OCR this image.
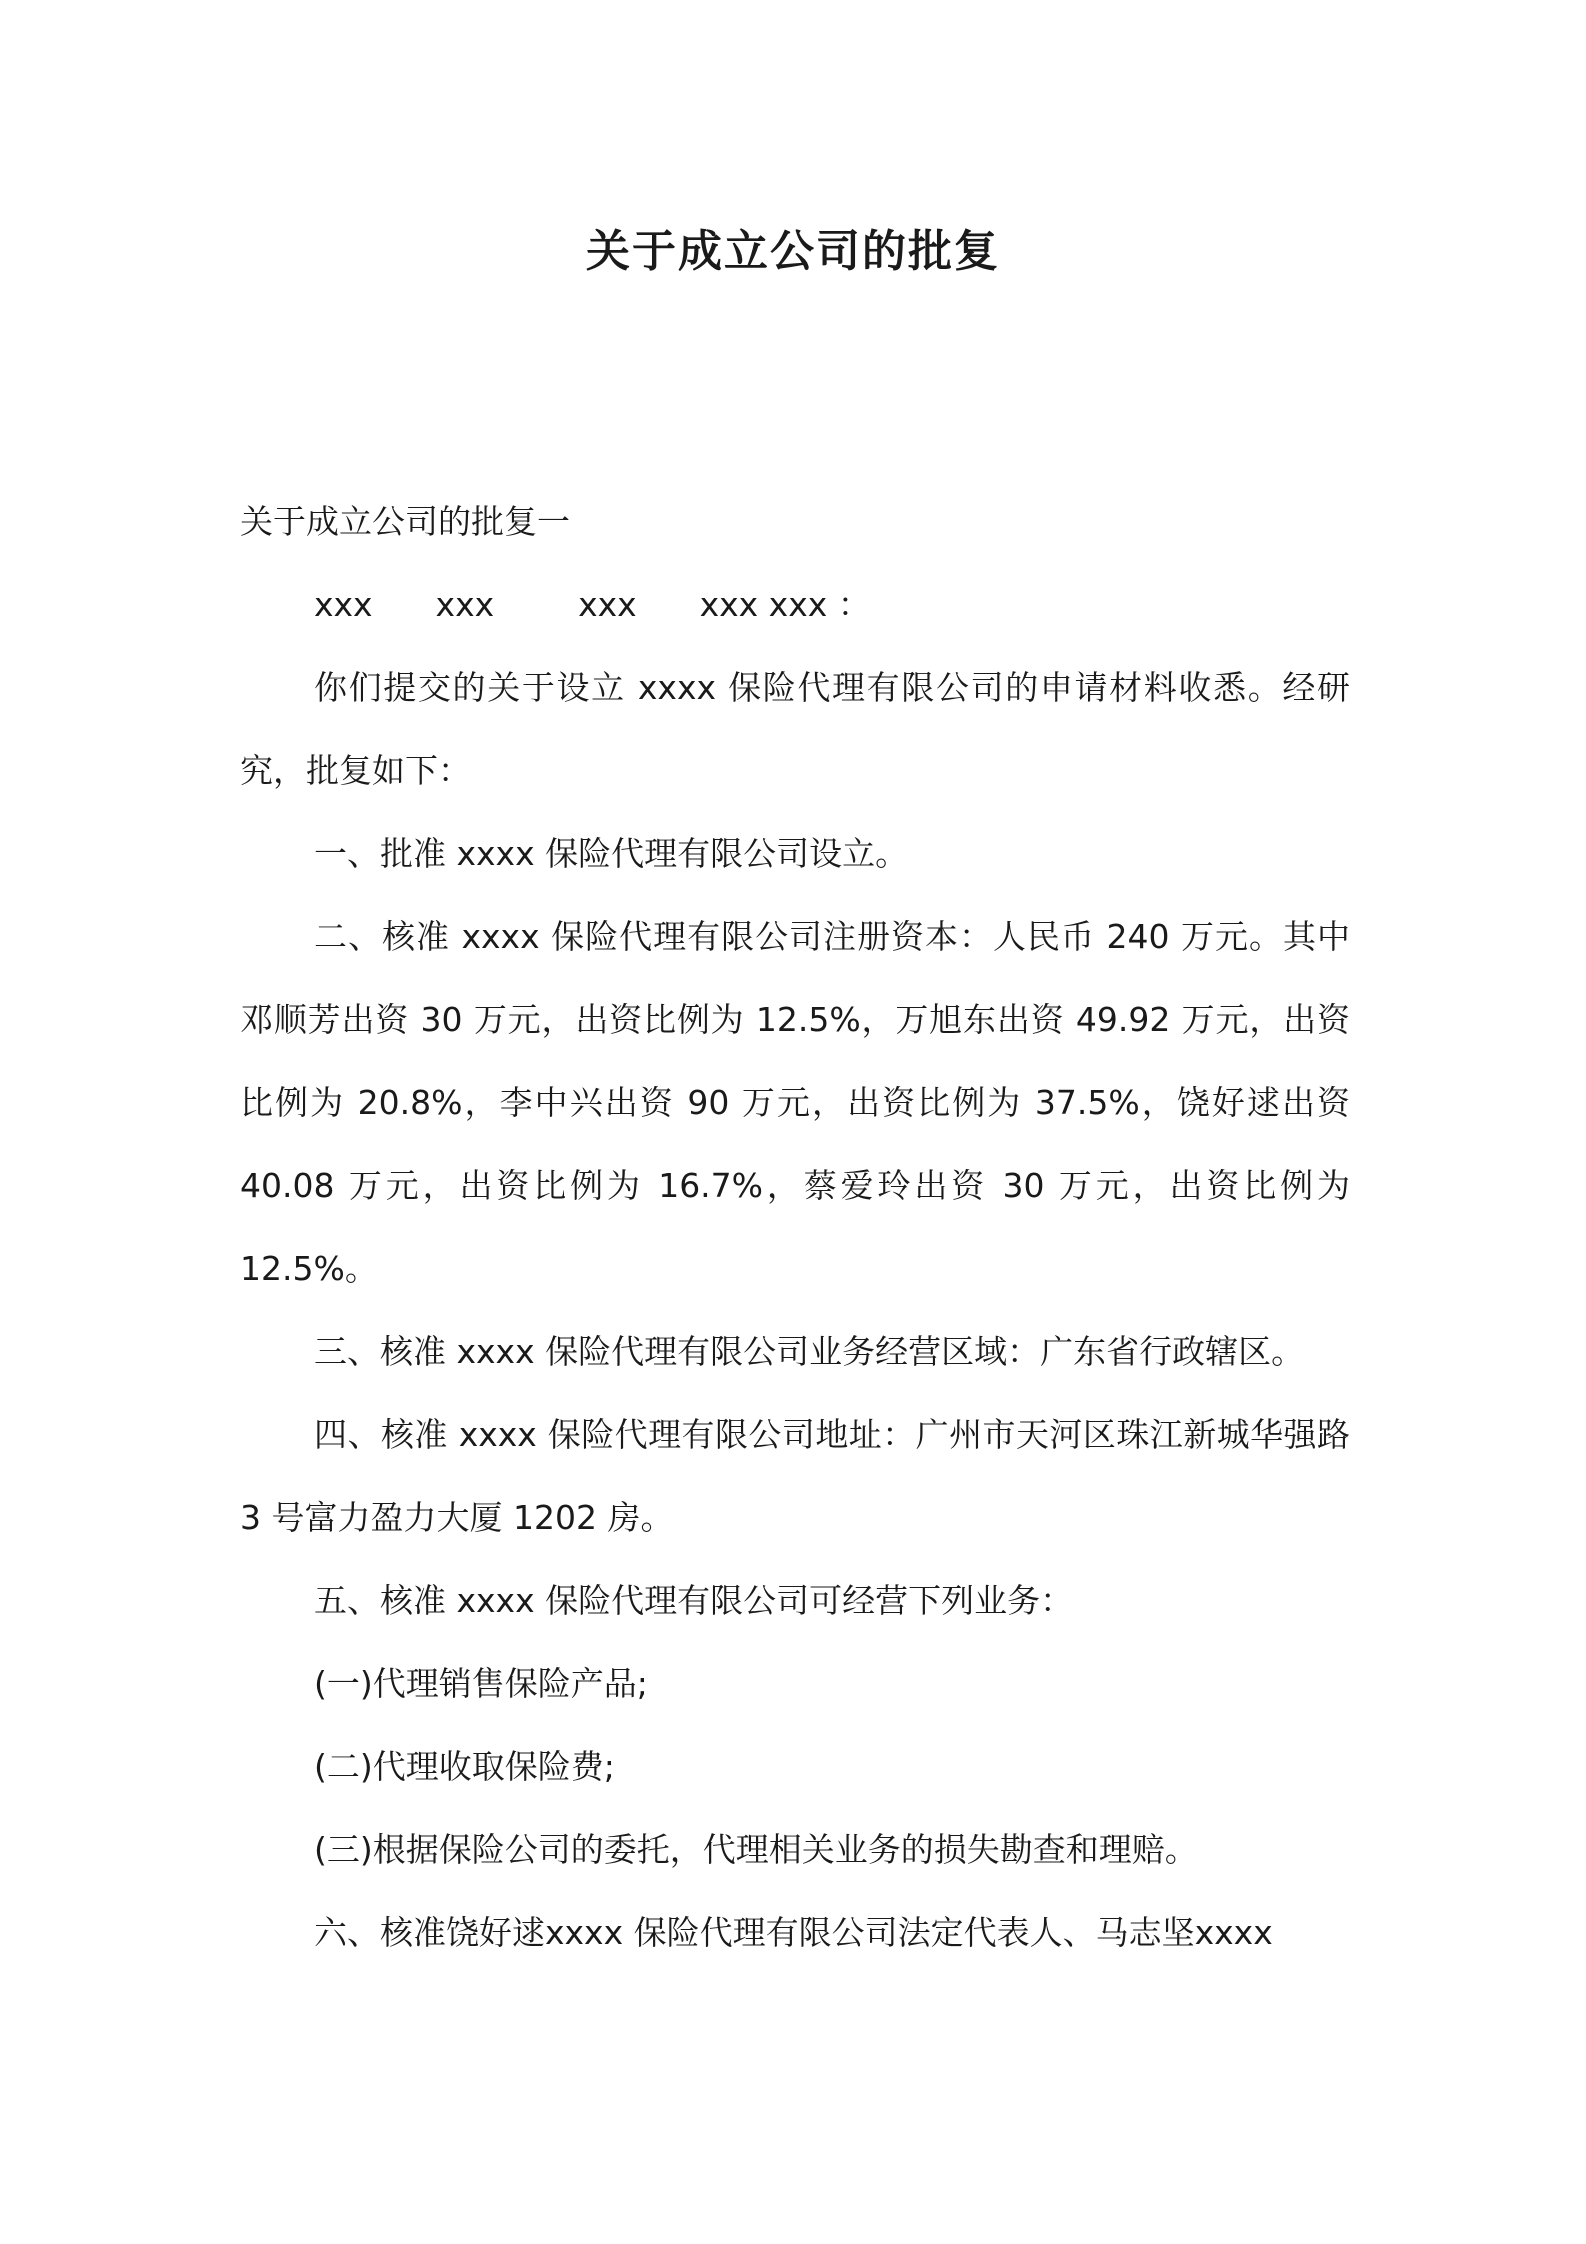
关于成立公司的批复

关于成立公司的批复一

xxx xxx	xxx xxx xxx ：

你们提交的关于设立 xxxx 保险代理有限公司的申请材料收悉。经研究，批复如下：

一、批准 xxxx 保险代理有限公司设立。

二、核准 xxxx 保险代理有限公司注册资本：人民币 240 万元。其中邓顺芳出资 30 万元，出资比例为 12.5%，万旭东出资 49.92 万元，出资比例为 20.8%，李中兴出资 90 万元，出资比例为 37.5%，饶好逑出资 40.08 万元，出资比例为 16.7%，蔡爱玲出资 30 万元，出资比例为 12.5%。

三、核准 xxxx 保险代理有限公司业务经营区域：广东省行政辖区。

四、核准 xxxx 保险代理有限公司地址：广州市天河区珠江新城华强路 3 号富力盈力大厦 1202 房。

五、核准 xxxx 保险代理有限公司可经营下列业务：

(一)代理销售保险产品;

(二)代理收取保险费;

(三)根据保险公司的委托，代理相关业务的损失勘查和理赔。

六、核准饶好逑xxxx 保险代理有限公司法定代表人、马志坚xxxx
